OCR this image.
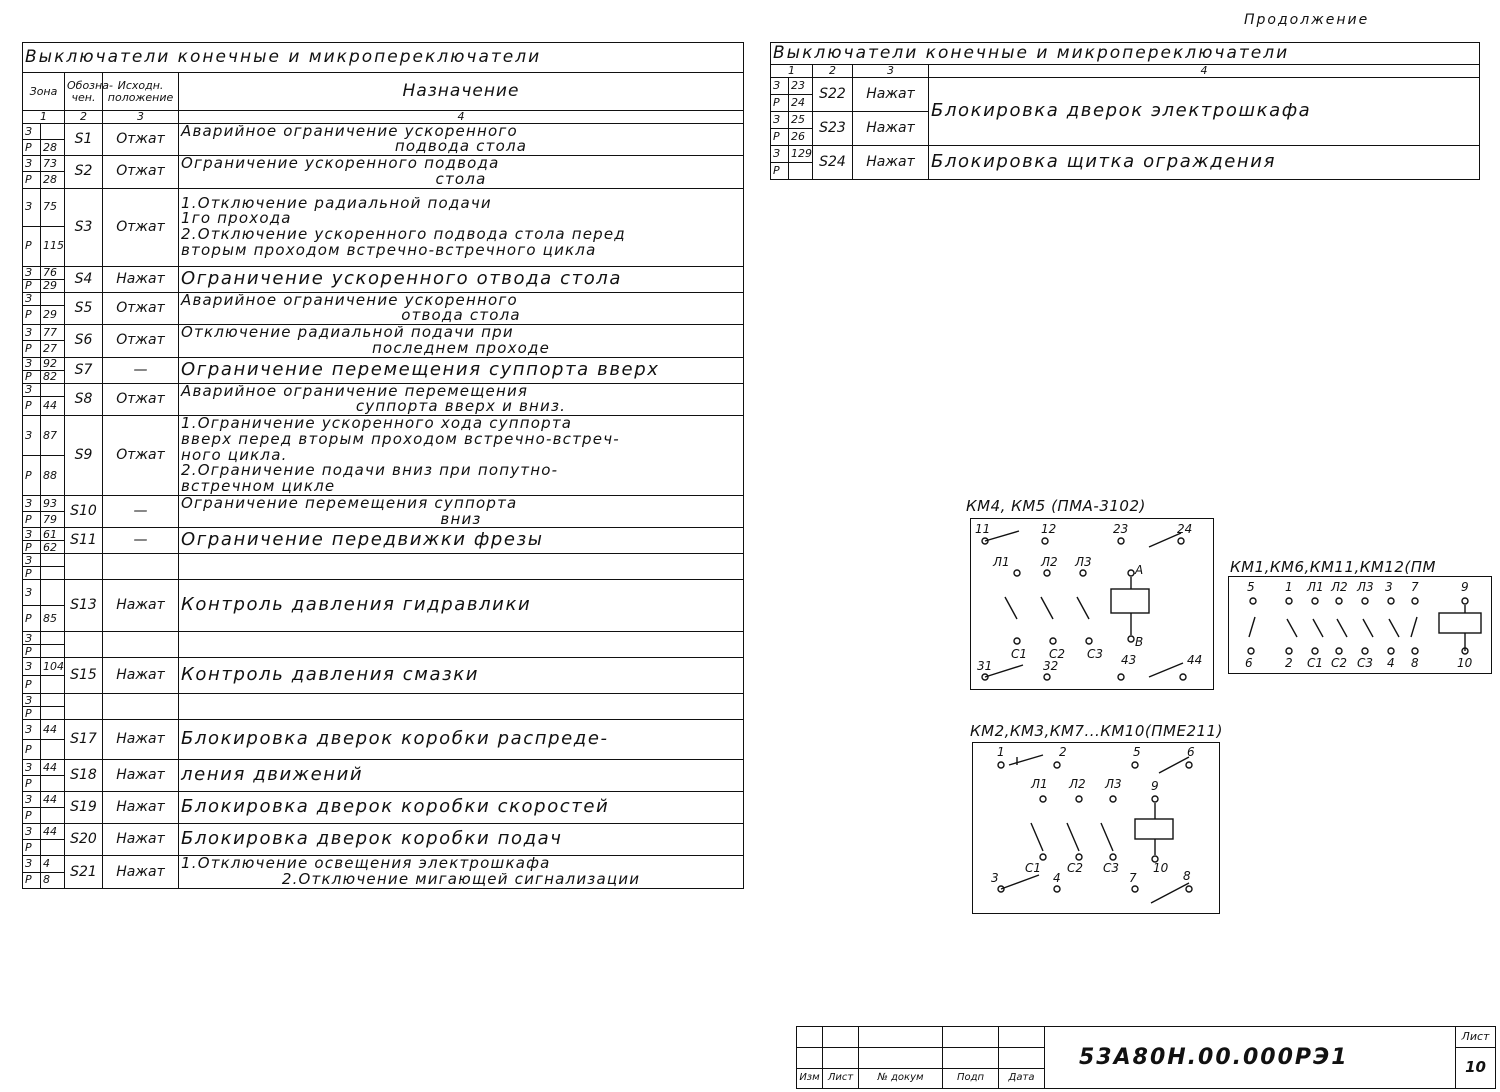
Продолжение
Выключатели конечные и микропереключатели				
Зона		Обозна-чен.	Исходн. положение	Назначение
1		2	3	4
З		S1	Отжат	Аварийное ограничение ускоренного
подвода стола

Р	28			
З	73	S2	Отжат	Ограничение ускоренного подвода
стола

Р	28			
З	75	S3	Отжат	1.Отключение радиальной подачи
1го прохода
2.Отключение ускоренного подвода стола перед
вторым проходом встречно-встречного цикла

Р	115			
З	76	S4	Нажат	Ограничение ускоренного отвода стола

Р	29			
З		S5	Отжат	Аварийное ограничение ускоренного
отвода стола

Р	29			
З	77	S6	Отжат	Отключение радиальной подачи при
последнем проходе

Р	27			
З	92	S7	—	Ограничение перемещения суппорта вверх

Р	82			
З		S8	Отжат	Аварийное ограничение перемещения
суппорта вверх и вниз.

Р	44			
З	87	S9	Отжат	1.Ограничение ускоренного хода суппорта
вверх перед вторым проходом встречно-встреч-
ного цикла.
2.Ограничение подачи вниз при попутно-
встречном цикле

Р	88			
З	93	S10	—	Ограничение перемещения суппорта
вниз

Р	79			
З	61	S11	—	Ограничение передвижки фрезы

Р	62			
З				
Р				
З		S13	Нажат	Контроль давления гидравлики

Р	85			
З				
Р				
З	104	S15	Нажат	Контроль давления смазки

Р				
З				
Р				
З	44	S17	Нажат	Блокировка дверок коробки распреде-

Р				
З	44	S18	Нажат	ления движений

Р				
З	44	S19	Нажат	Блокировка дверок коробки скоростей

Р				
З	44	S20	Нажат	Блокировка дверок коробки подач

Р				
З	4	S21	Нажат	1.Отключение освещения электрошкафа
2.Отключение мигающей сигнализации

Р	8			
Выключатели конечные и микропереключатели				
1		2	3	4
З	23	S22	Нажат	Блокировка дверок электрошкафа
Р	24			
З	25	S23	Нажат	
Р	26			
З	129	S24	Нажат	Блокировка щитка ограждения
Р				
КМ4, КМ5 (ПМА-3102)
11	12	23	24
Л1	Л2 Л3
А
С1 С2 С3
В
31	32	43	44
КМ1,КМ6,КМ11,КМ12(ПМ
5	1 Л1 Л2 Л3 3 7	9
6	2 С1 С2 С3 4 8	10
КМ2,КМ3,КМ7...КМ10(ПМЕ211)
1	2	5	6
Л1 Л2 Л3 9
С1 С2 С3	10
3	4	7	8
					53А80Н.00.000РЭ1	Лист
						10
Изм	Лист	№ докум	Подп	Дата		
